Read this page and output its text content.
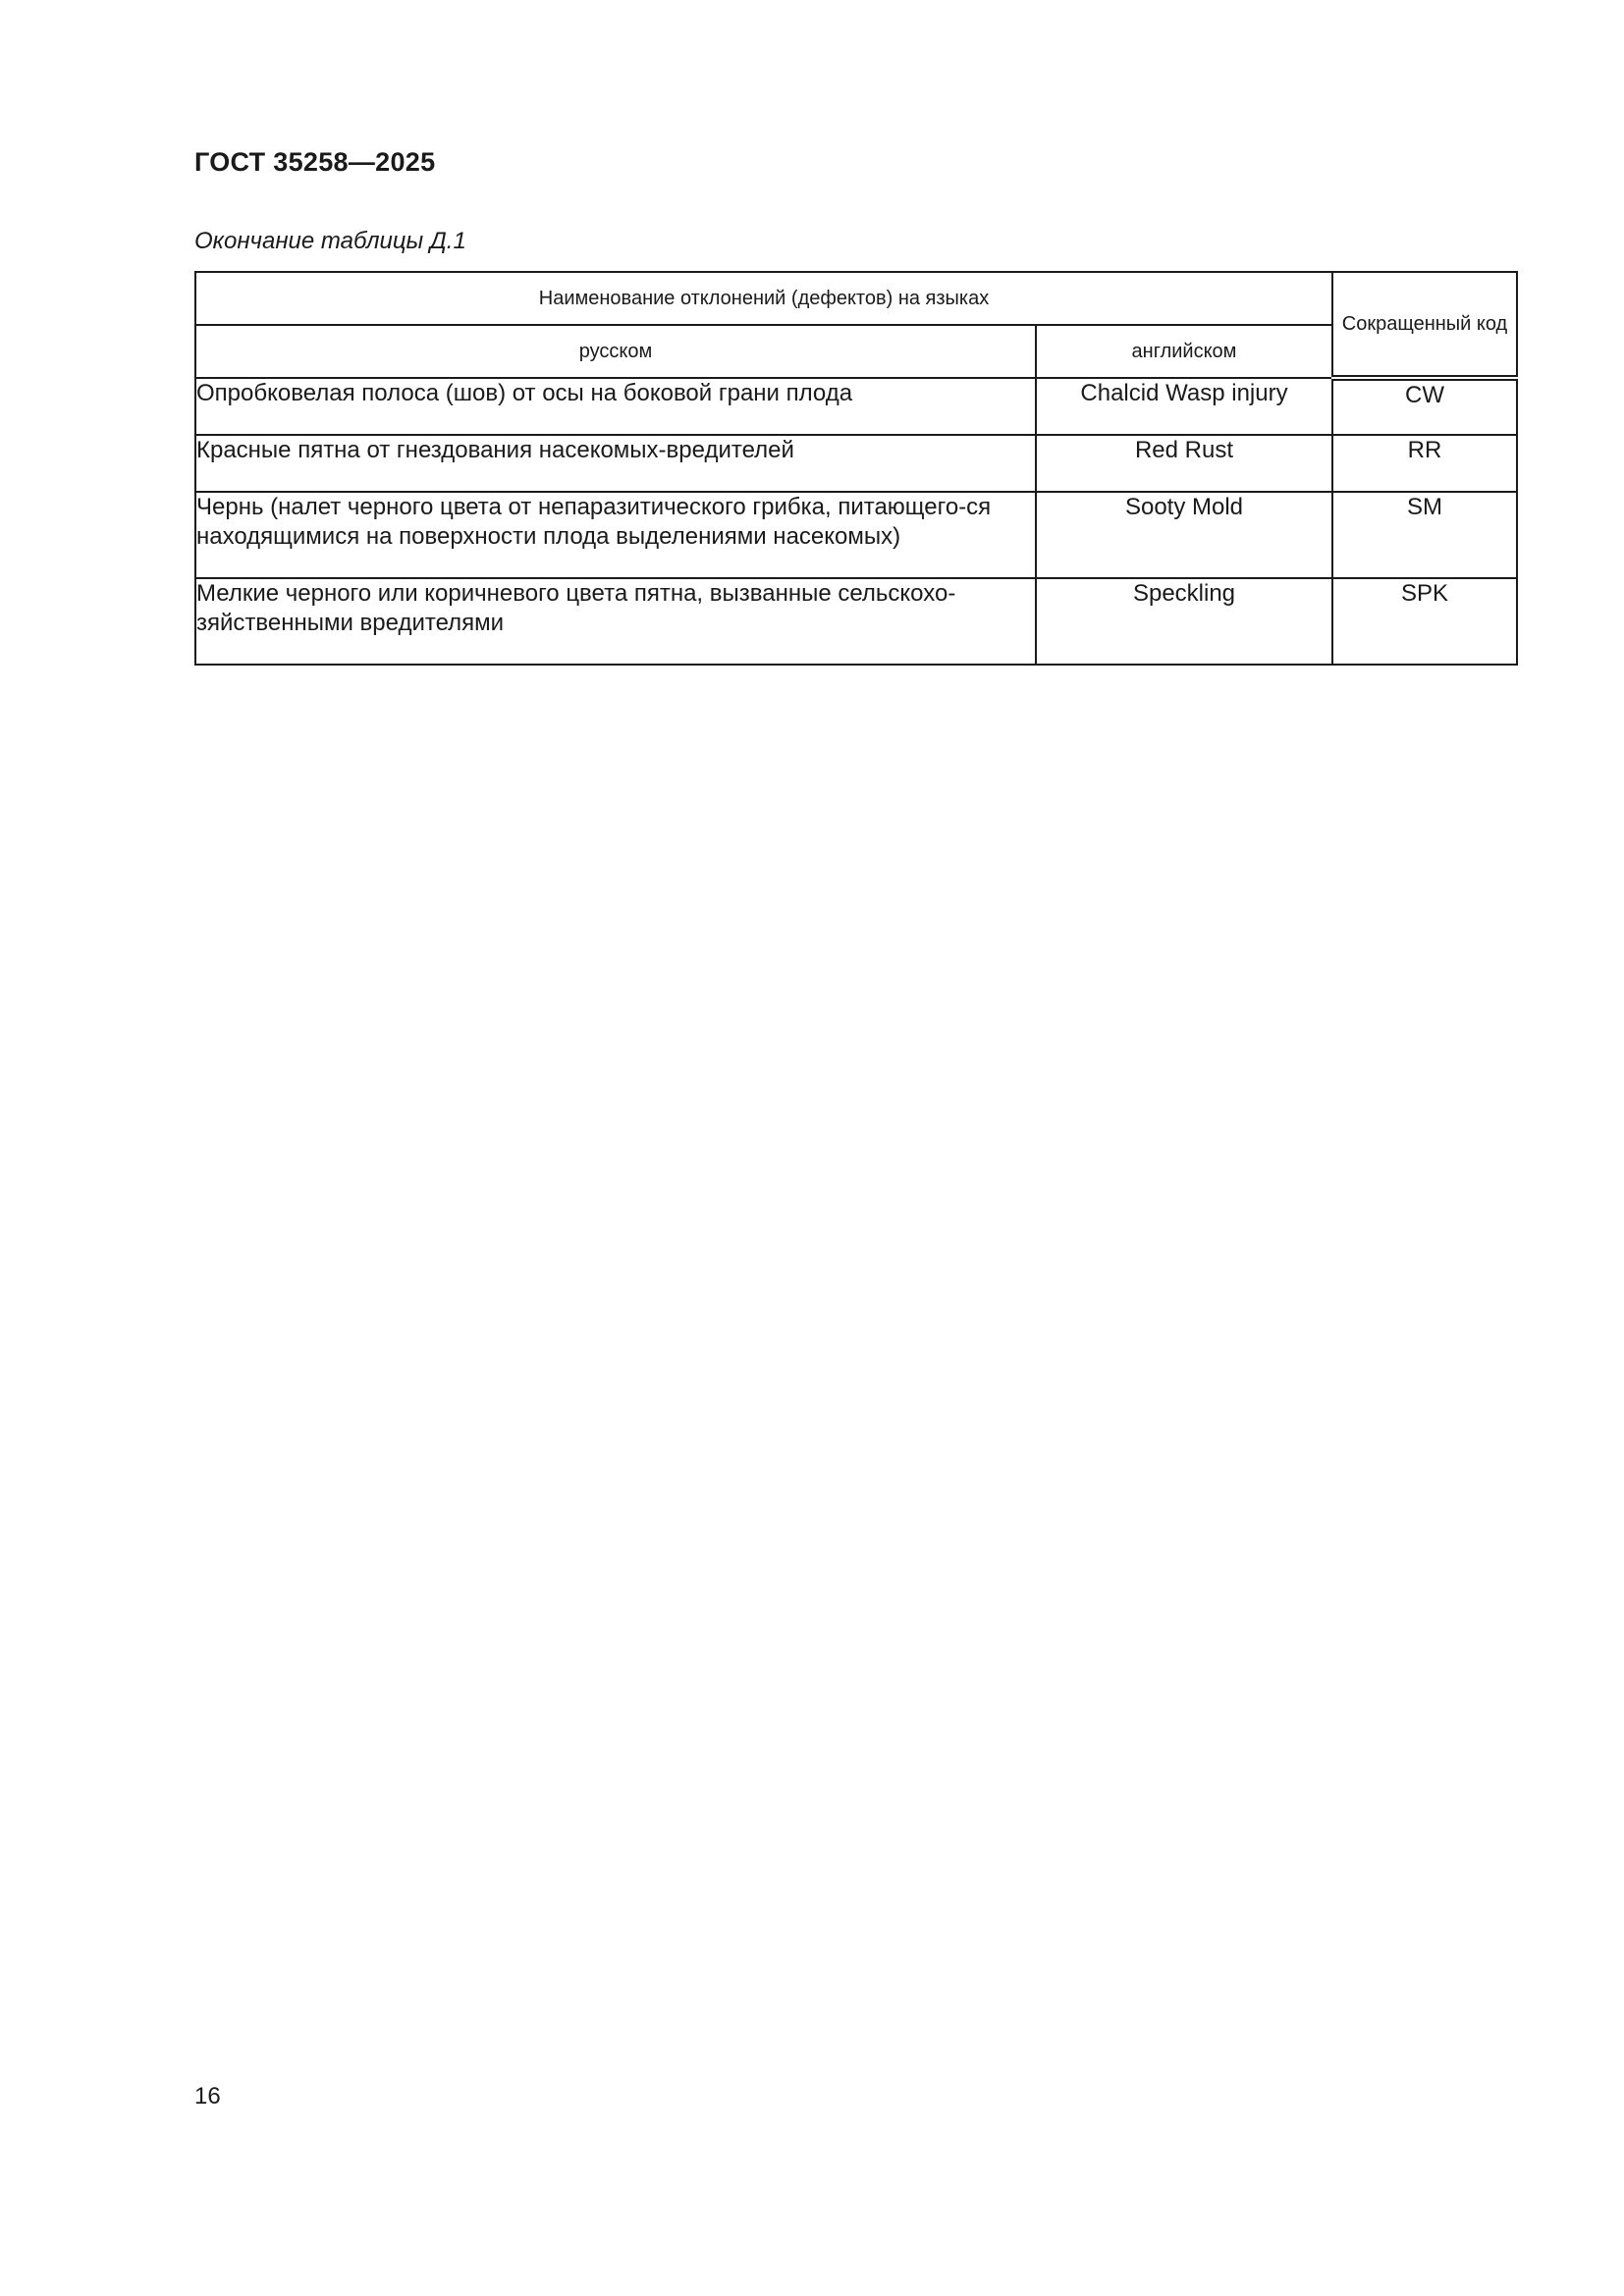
ГОСТ 35258—2025
Окончание таблицы Д.1
Наименование отклонений (дефектов) на языках		Сокращенный код
русском	английском	
Опробковелая полоса (шов) от осы на боковой грани плода	Chalcid Wasp injury	CW
Красные пятна от гнездования насекомых-вредителей	Red Rust	RR
Чернь (налет черного цвета от непаразитического грибка, питающего-ся находящимися на поверхности плода выделениями насекомых)	Sooty Mold	SM
Мелкие черного или коричневого цвета пятна, вызванные сельскохо-зяйственными вредителями	Speckling	SPK
16
